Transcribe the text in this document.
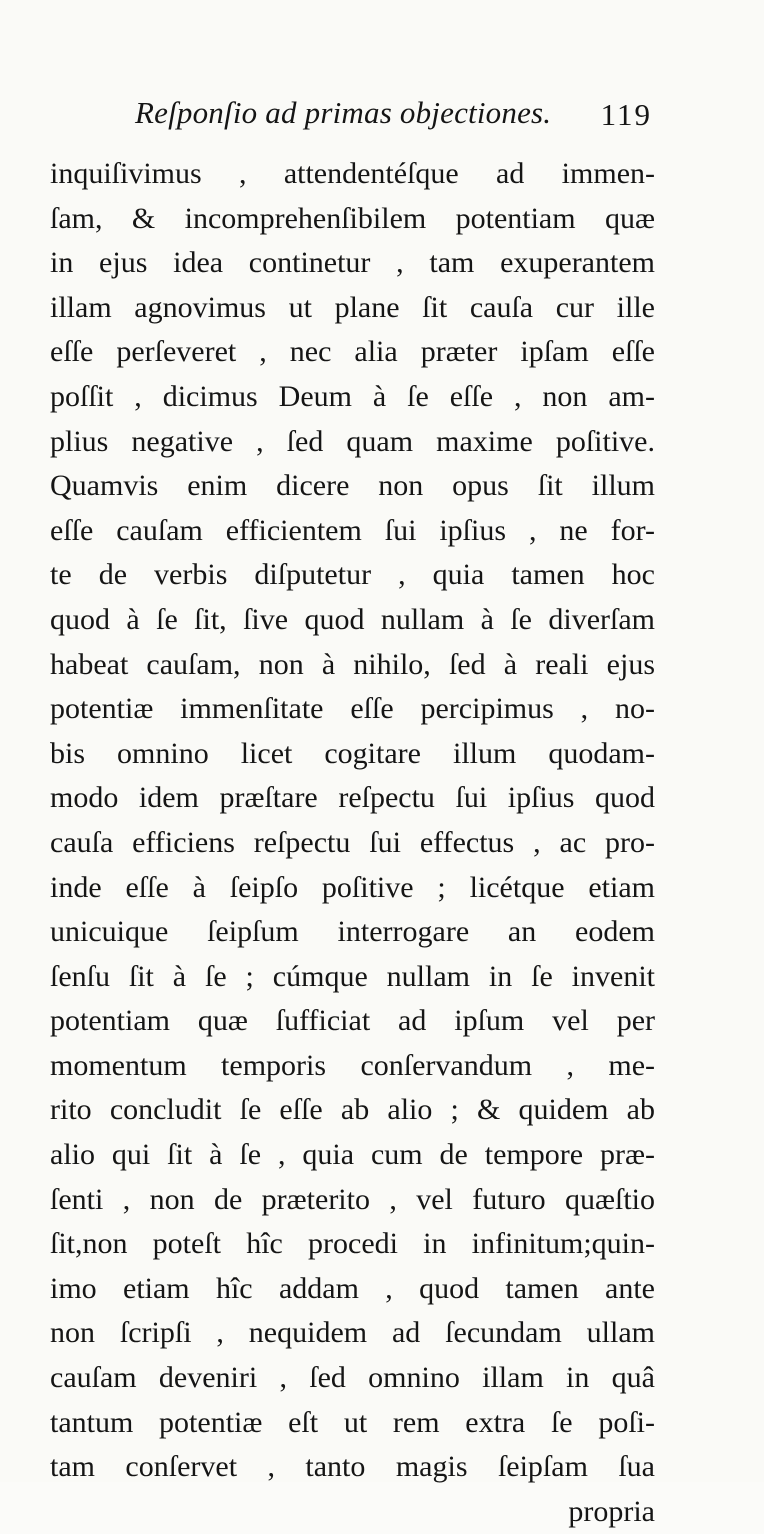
Reſponſio ad primas objectiones. 119
inquiſivimus , attendentéſque ad immen-
ſam, & incomprehenſibilem potentiam quæ
in ejus idea continetur , tam exuperantem
illam agnovimus ut plane ſit cauſa cur ille
eſſe perſeveret , nec alia præter ipſam eſſe
poſſit , dicimus Deum à ſe eſſe , non am-
plius negative , ſed quam maxime poſitive.
Quamvis enim dicere non opus ſit illum
eſſe cauſam efficientem ſui ipſius , ne for-
te de verbis diſputetur , quia tamen hoc
quod à ſe ſit, ſive quod nullam à ſe diverſam
habeat cauſam, non à nihilo, ſed à reali ejus
potentiæ immenſitate eſſe percipimus , no-
bis omnino licet cogitare illum quodam-
modo idem præſtare reſpectu ſui ipſius quod
cauſa efficiens reſpectu ſui effectus , ac pro-
inde eſſe à ſeipſo poſitive ; licétque etiam
unicuique ſeipſum interrogare an eodem
ſenſu ſit à ſe ; cúmque nullam in ſe invenit
potentiam quæ ſufficiat ad ipſum vel per
momentum temporis conſervandum , me-
rito concludit ſe eſſe ab alio ; & quidem ab
alio qui ſit à ſe , quia cum de tempore præ-
ſenti , non de præterito , vel futuro quæſtio
ſit,non poteſt hîc procedi in infinitum;quin-
imo etiam hîc addam , quod tamen ante
non ſcripſi , nequidem ad ſecundam ullam
cauſam deveniri , ſed omnino illam in quâ
tantum potentiæ eſt ut rem extra ſe poſi-
tam conſervet , tanto magis ſeipſam ſua
propria
